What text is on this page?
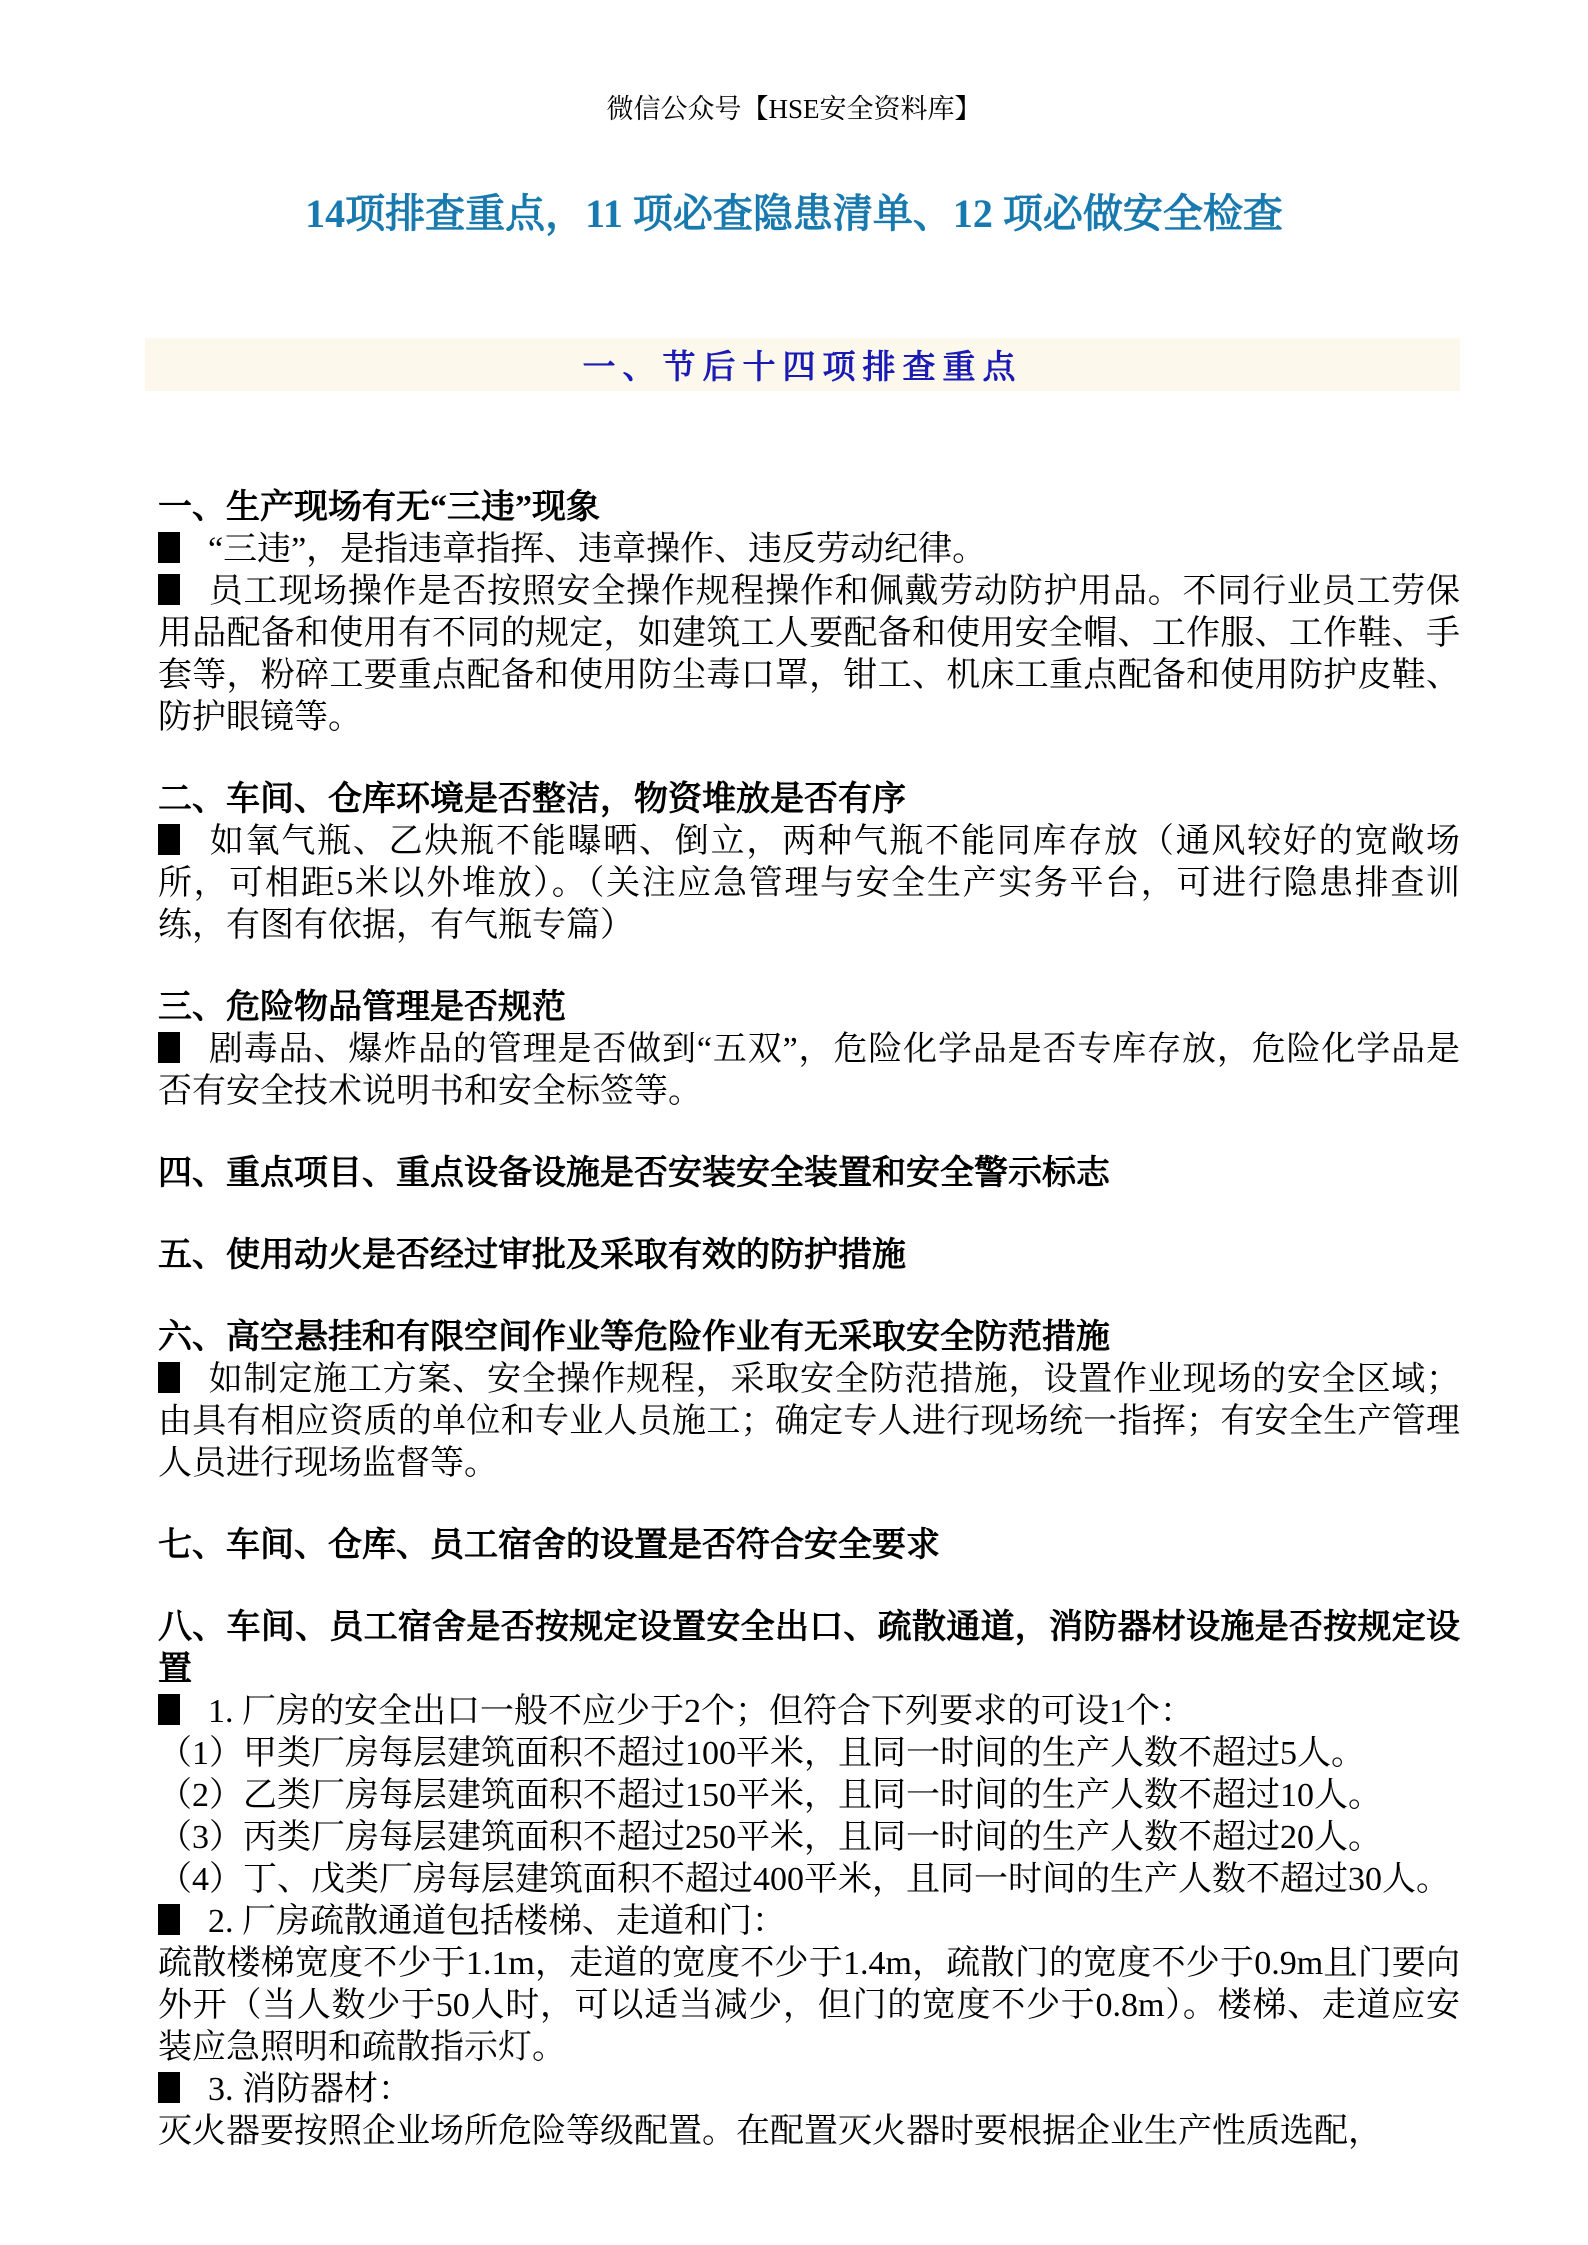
微信公众号【HSE安全资料库】
14项排查重点，11 项必查隐患清单、12 项必做安全检查
一、节后十四项排查重点
一、生产现场有无“三违”现象
“三违”，是指违章指挥、违章操作、违反劳动纪律。
员工现场操作是否按照安全操作规程操作和佩戴劳动防护用品。不同行业员工劳保用品配备和使用有不同的规定，如建筑工人要配备和使用安全帽、工作服、工作鞋、手套等，粉碎工要重点配备和使用防尘毒口罩，钳工、机床工重点配备和使用防护皮鞋、防护眼镜等。
二、车间、仓库环境是否整洁，物资堆放是否有序
如氧气瓶、乙炔瓶不能曝晒、倒立，两种气瓶不能同库存放（通风较好的宽敞场所，可相距5米以外堆放）。（关注应急管理与安全生产实务平台，可进行隐患排查训练，有图有依据，有气瓶专篇）
三、危险物品管理是否规范
剧毒品、爆炸品的管理是否做到“五双”，危险化学品是否专库存放，危险化学品是否有安全技术说明书和安全标签等。
四、重点项目、重点设备设施是否安装安全装置和安全警示标志
五、使用动火是否经过审批及采取有效的防护措施
六、高空悬挂和有限空间作业等危险作业有无采取安全防范措施
如制定施工方案、安全操作规程，采取安全防范措施，设置作业现场的安全区域；由具有相应资质的单位和专业人员施工；确定专人进行现场统一指挥；有安全生产管理人员进行现场监督等。
七、车间、仓库、员工宿舍的设置是否符合安全要求
八、车间、员工宿舍是否按规定设置安全出口、疏散通道，消防器材设施是否按规定设置
1. 厂房的安全出口一般不应少于2个；但符合下列要求的可设1个：
（1）甲类厂房每层建筑面积不超过100平米，且同一时间的生产人数不超过5人。
（2）乙类厂房每层建筑面积不超过150平米，且同一时间的生产人数不超过10人。
（3）丙类厂房每层建筑面积不超过250平米，且同一时间的生产人数不超过20人。
（4）丁、戊类厂房每层建筑面积不超过400平米，且同一时间的生产人数不超过30人。
2. 厂房疏散通道包括楼梯、走道和门：
疏散楼梯宽度不少于1.1m，走道的宽度不少于1.4m，疏散门的宽度不少于0.9m且门要向外开（当人数少于50人时，可以适当减少，但门的宽度不少于0.8m）。楼梯、走道应安装应急照明和疏散指示灯。
3. 消防器材：
灭火器要按照企业场所危险等级配置。在配置灭火器时要根据企业生产性质选配，
